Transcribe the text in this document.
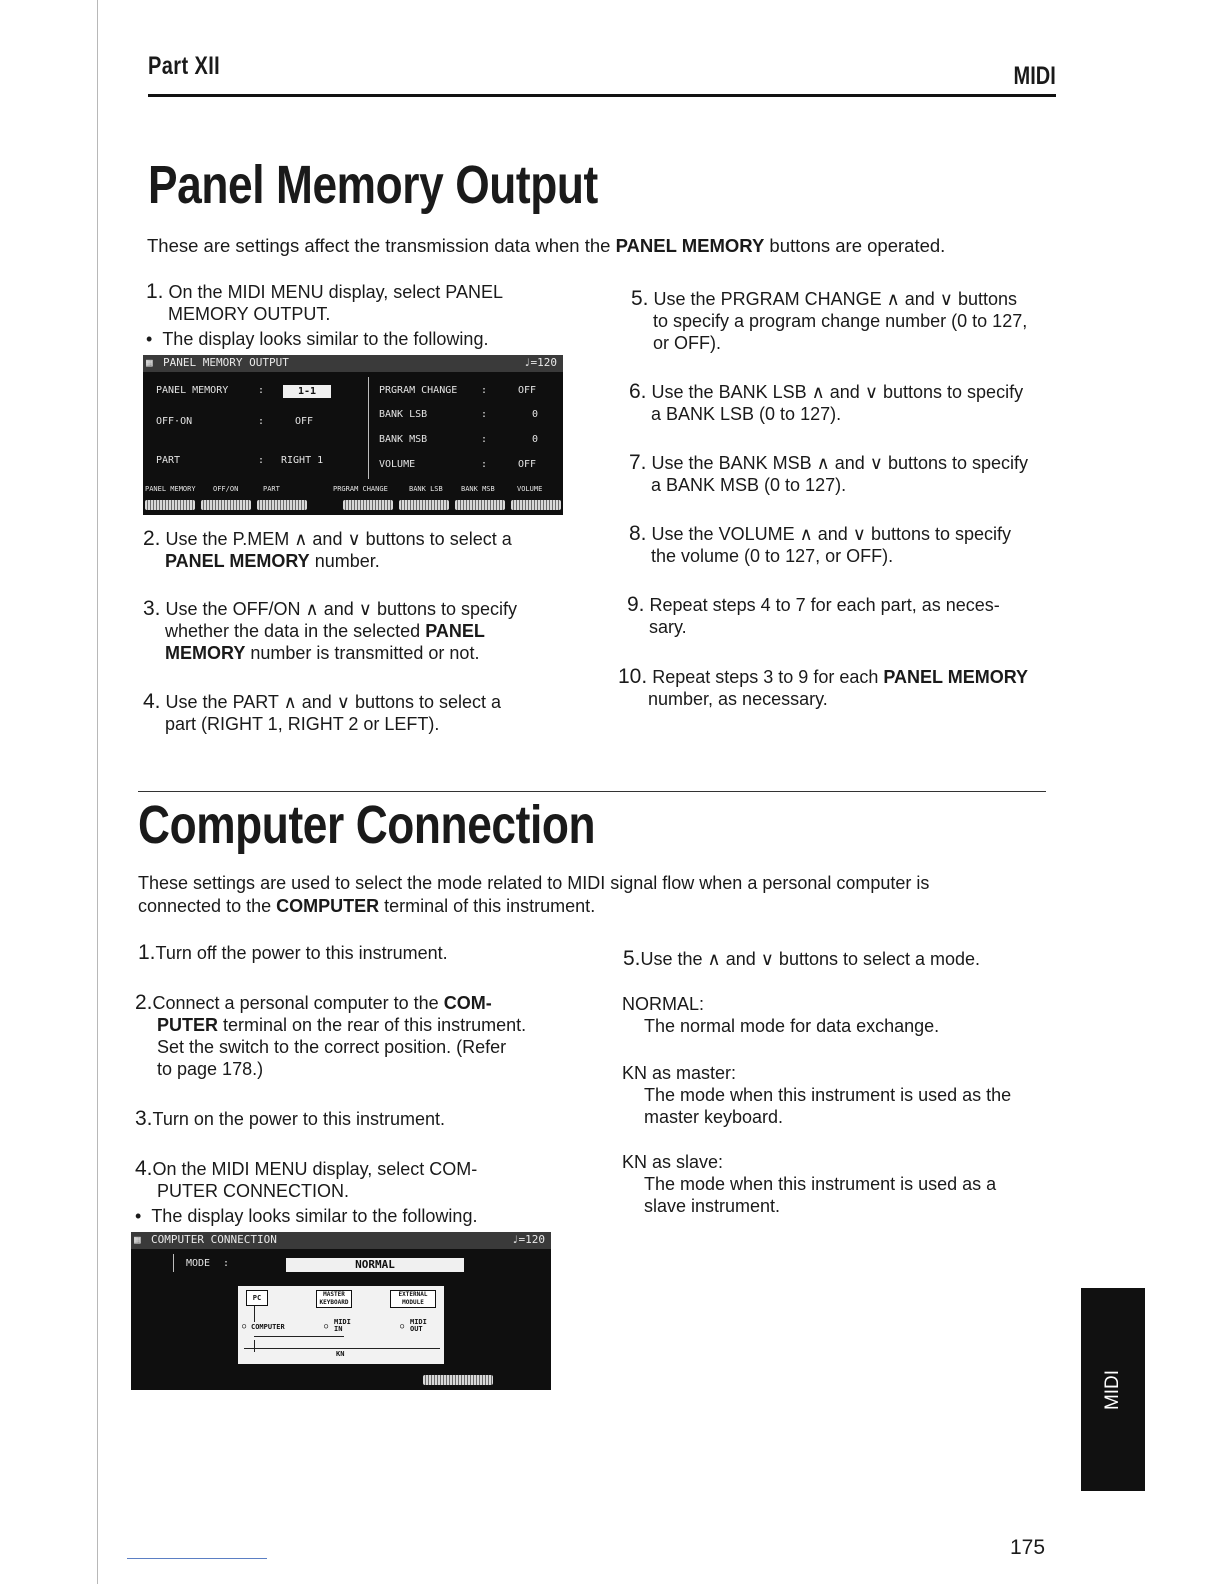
Part XII	MIDI
Panel Memory Output
These are settings affect the transmission data when the PANEL MEMORY buttons are operated.
1. On the MIDI MENU display, select PANEL
MEMORY OUTPUT.
•  The display looks similar to the following.
▦ PANEL MEMORY OUTPUT	♩=120
PANEL MEMORY	:	1-1
OFF·ON	:	OFF
PART	: RIGHT 1
PRGRAM CHANGE :	OFF
BANK LSB	:	0
BANK MSB	:	0
VOLUME	:	OFF
PANEL MEMORY OFF/ON	PART	PRGRAM CHANGE	BANK LSB	BANK MSB	VOLUME
2. Use the P.MEM ∧ and ∨ buttons to select a
PANEL MEMORY number.
3. Use the OFF/ON ∧ and ∨ buttons to specify
whether the data in the selected PANEL
MEMORY number is transmitted or not.
4. Use the PART ∧ and ∨ buttons to select a
part (RIGHT 1, RIGHT 2 or LEFT).
5. Use the PRGRAM CHANGE ∧ and ∨ buttons
to specify a program change number (0 to 127,
or OFF).
6. Use the BANK LSB ∧ and ∨ buttons to specify
a BANK LSB (0 to 127).
7. Use the BANK MSB ∧ and ∨ buttons to specify
a BANK MSB (0 to 127).
8. Use the VOLUME ∧ and ∨ buttons to specify
the volume (0 to 127, or OFF).
9. Repeat steps 4 to 7 for each part, as neces-
sary.
10. Repeat steps 3 to 9 for each PANEL MEMORY
number, as necessary.
Computer Connection
These settings are used to select the mode related to MIDI signal flow when a personal computer is
connected to the COMPUTER terminal of this instrument.
1.Turn off the power to this instrument.
2.Connect a personal computer to the COM-
PUTER terminal on the rear of this instrument.
Set the switch to the correct position. (Refer
to page 178.)
3.Turn on the power to this instrument.
4.On the MIDI MENU display, select COM-
PUTER CONNECTION.
•  The display looks similar to the following.
▦ COMPUTER CONNECTION	♩=120
MODE :	NORMAL
PC	MASTER KEYBOARD
EXTERNAL MODULE
○ COMPUTER	○ MIDI IN	○ MIDI OUT
KN
5.Use the ∧ and ∨ buttons to select a mode.
NORMAL:
The normal mode for data exchange.
KN as master:
The mode when this instrument is used as the
master keyboard.
KN as slave:
The mode when this instrument is used as a
slave instrument.
MIDI
175
